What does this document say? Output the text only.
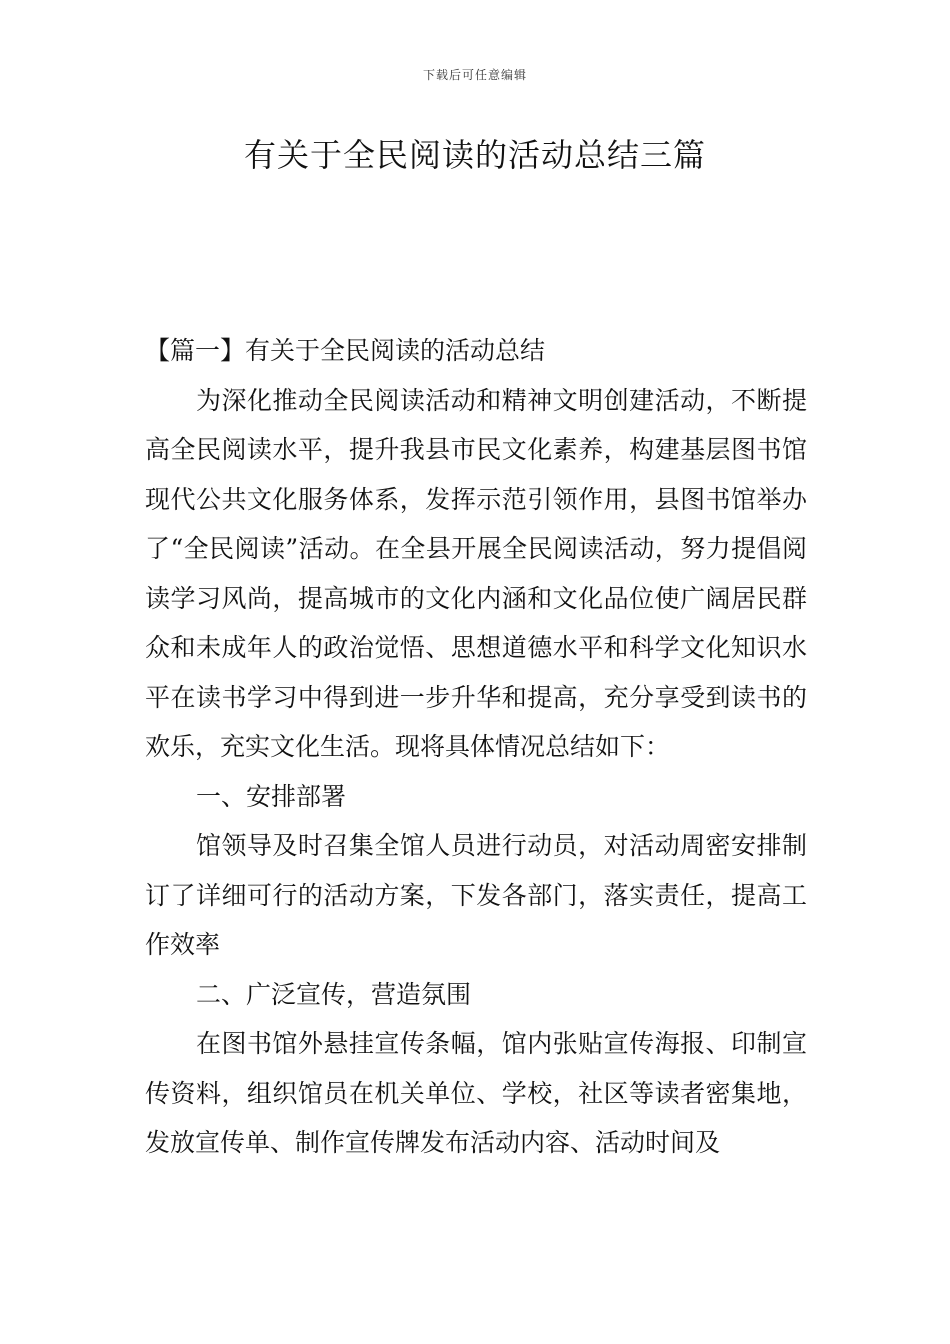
下载后可任意编辑
有关于全民阅读的活动总结三篇

【篇一】有关于全民阅读的活动总结

为深化推动全民阅读活动和精神文明创建活动，不断提高全民阅读水平，提升我县市民文化素养，构建基层图书馆现代公共文化服务体系，发挥示范引领作用，县图书馆举办了“全民阅读”活动。在全县开展全民阅读活动，努力提倡阅读学习风尚，提高城市的文化内涵和文化品位使广阔居民群众和未成年人的政治觉悟、思想道德水平和科学文化知识水平在读书学习中得到进一步升华和提高，充分享受到读书的欢乐，充实文化生活。现将具体情况总结如下：

一、安排部署

馆领导及时召集全馆人员进行动员，对活动周密安排制订了详细可行的活动方案，下发各部门，落实责任，提高工作效率

二、广泛宣传，营造氛围

在图书馆外悬挂宣传条幅，馆内张贴宣传海报、印制宣传资料，组织馆员在机关单位、学校，社区等读者密集地，发放宣传单、制作宣传牌发布活动内容、活动时间及
